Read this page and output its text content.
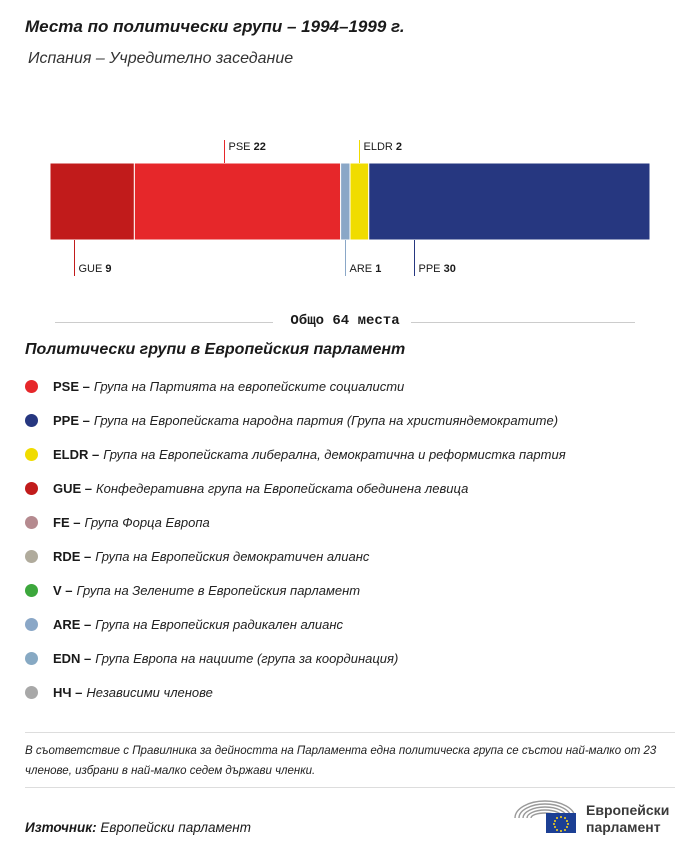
Места по политически групи – 1994–1999 г.
Испания – Учредително заседание
GUE 9
PSE 22
ARE 1
ELDR 2
PPE 30
Общо 64 места
Политически групи в Европейския парламент
PSE – Група на Партията на европейските социалисти
PPE – Група на Европейската народна партия (Група на християндемократите)
ELDR – Група на Европейската либерална, демократична и реформистка партия
GUE – Конфедеративна група на Европейската обединена левица
FE – Група Форца Европа
RDE – Група на Европейския демократичен алианс
V – Група на Зелените в Европейския парламент
ARE – Група на Европейския радикален алианс
EDN – Група Европа на нациите (група за координация)
НЧ – Независими членове
В съответствие с Правилника за дейността на Парламента една политическа група се състои най-малко от 23 членове, избрани в най-малко седем държави членки.
Източник: Европейски парламент
Европейски
парламент
